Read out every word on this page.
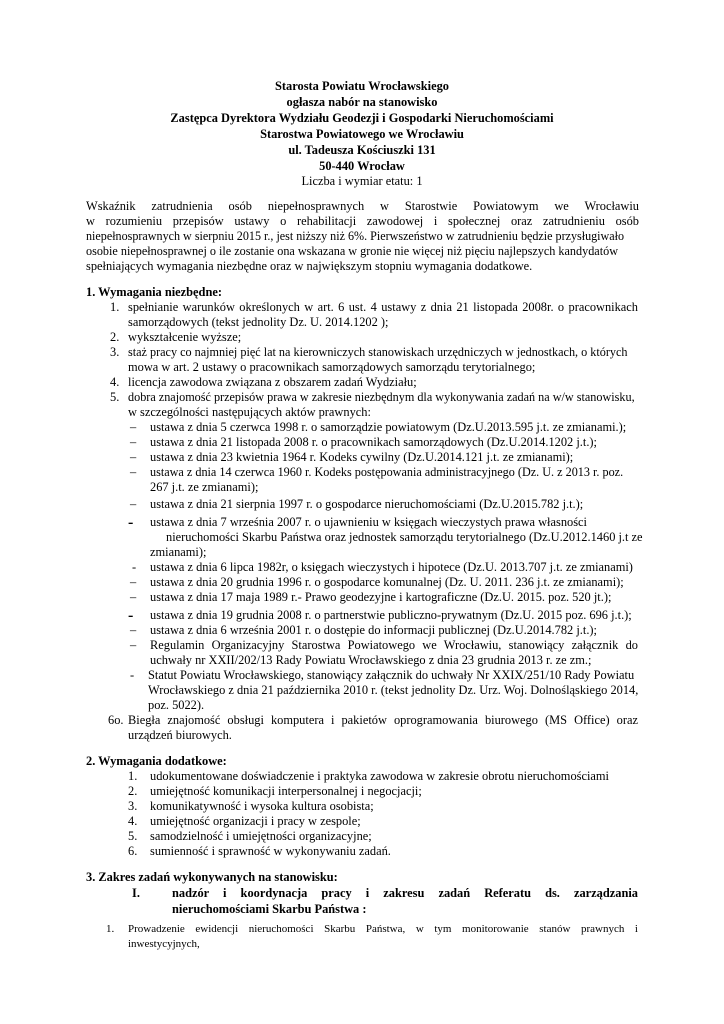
Starosta Powiatu Wrocławskiego
ogłasza nabór na stanowisko
Zastępca Dyrektora Wydziału Geodezji i Gospodarki Nieruchomościami
Starostwa Powiatowego we Wrocławiu
ul. Tadeusza Kościuszki 131
50-440 Wrocław
Liczba i wymiar etatu: 1
Wskaźnik zatrudnienia osób niepełnosprawnych w Starostwie Powiatowym we Wrocławiu
w rozumieniu przepisów ustawy o rehabilitacji zawodowej i społecznej oraz zatrudnieniu osób
niepełnosprawnych w sierpniu 2015 r., jest niższy niż 6%. Pierwszeństwo w zatrudnieniu będzie przysługiwało
osobie niepełnosprawnej o ile zostanie ona wskazana w gronie nie więcej niż pięciu najlepszych kandydatów
spełniających wymagania niezbędne oraz w największym stopniu wymagania dodatkowe.
1. Wymagania niezbędne:
1. spełnianie warunków określonych w art. 6 ust. 4 ustawy z dnia 21 listopada 2008r. o pracownikach
samorządowych (tekst jednolity Dz. U. 2014.1202 );
2. wykształcenie wyższe;
3. staż pracy co najmniej pięć lat na kierowniczych stanowiskach urzędniczych w jednostkach, o których
mowa w art. 2 ustawy o pracownikach samorządowych samorządu terytorialnego;
4. licencja zawodowa związana z obszarem zadań Wydziału;
5. dobra znajomość przepisów prawa w zakresie niezbędnym dla wykonywania zadań na w/w stanowisku,
w szczególności następujących aktów prawnych:
– ustawa z dnia 5 czerwca 1998 r. o samorządzie powiatowym (Dz.U.2013.595 j.t. ze zmianami.);
– ustawa z dnia 21 listopada 2008 r. o pracownikach samorządowych (Dz.U.2014.1202 j.t.);
– ustawa z dnia 23 kwietnia 1964 r. Kodeks cywilny (Dz.U.2014.121 j.t. ze zmianami);
– ustawa z dnia 14 czerwca 1960 r. Kodeks postępowania administracyjnego (Dz. U. z 2013 r. poz.
267 j.t. ze zmianami);
– ustawa z dnia 21 sierpnia 1997 r. o gospodarce nieruchomościami (Dz.U.2015.782 j.t.);
- ustawa z dnia 7 września 2007 r. o ujawnieniu w księgach wieczystych prawa własności
nieruchomości Skarbu Państwa oraz jednostek samorządu terytorialnego (Dz.U.2012.1460 j.t ze
zmianami);
- ustawa z dnia 6 lipca 1982r, o księgach wieczystych i hipotece (Dz.U. 2013.707 j.t. ze zmianami)
– ustawa z dnia 20 grudnia 1996 r. o gospodarce komunalnej (Dz. U. 2011. 236 j.t. ze zmianami);
– ustawa z dnia 17 maja 1989 r.- Prawo geodezyjne i kartograficzne (Dz.U. 2015. poz. 520 jt.);
- ustawa z dnia 19 grudnia 2008 r. o partnerstwie publiczno-prywatnym (Dz.U. 2015 poz. 696 j.t.);
– ustawa z dnia 6 września 2001 r. o dostępie do informacji publicznej (Dz.U.2014.782 j.t.);
– Regulamin Organizacyjny Starostwa Powiatowego we Wrocławiu, stanowiący załącznik do
uchwały nr XXII/202/13 Rady Powiatu Wrocławskiego z dnia 23 grudnia 2013 r. ze zm.;
- Statut Powiatu Wrocławskiego, stanowiący załącznik do uchwały Nr XXIX/251/10 Rady Powiatu
Wrocławskiego z dnia 21 października 2010 r. (tekst jednolity Dz. Urz. Woj. Dolnośląskiego 2014,
poz. 5022).
6o. Biegła znajomość obsługi komputera i pakietów oprogramowania biurowego (MS Office) oraz
urządzeń biurowych.
2. Wymagania dodatkowe:
1. udokumentowane doświadczenie i praktyka zawodowa w zakresie obrotu nieruchomościami
2. umiejętność komunikacji interpersonalnej i negocjacji;
3. komunikatywność i wysoka kultura osobista;
4. umiejętność organizacji i pracy w zespole;
5. samodzielność i umiejętności organizacyjne;
6. sumienność i sprawność w wykonywaniu zadań.
3. Zakres zadań wykonywanych na stanowisku:
I.	nadzór i koordynacja pracy i zakresu zadań Referatu ds. zarządzania
nieruchomościami Skarbu Państwa :
1. Prowadzenie ewidencji nieruchomości Skarbu Państwa, w tym monitorowanie stanów prawnych i
inwestycyjnych,
